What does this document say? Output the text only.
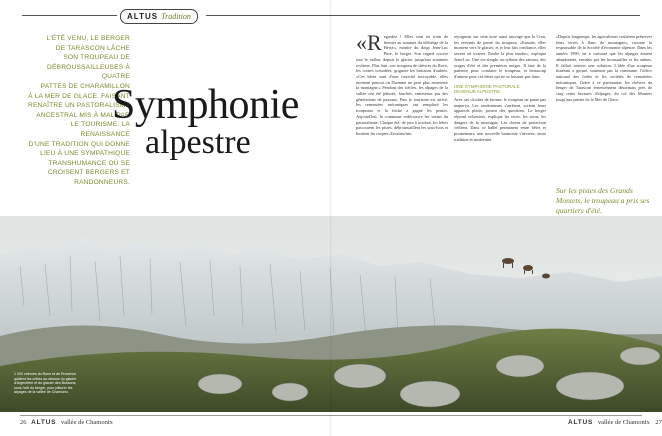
ALTUS Tradition
L'ÉTÉ VENU, LE BERGER
DE TARASCON LÂCHE
SON TROUPEAU DE
DÉBROUSSAILLEUSES À QUATRE
PATTES DE CHARAMILLON
À LA MER DE GLACE. FAISANT
RENAÎTRE UN PASTORALISME
ANCESTRAL MIS À MAL PAR
LE TOURISME. LA RENAISSANCE
D'UNE TRADITION QUI DONNE
LIEU À UNE SYMPATHIQUE
TRANSHUMANCE OÙ SE
CROISENT BERGERS ET
RANDONNEURS.
Symphonie
alpestre
«R egardez ! Elles sont en train de brouter au sommet du télésiège de la Herse», montre du doigt Jean-Luc Pitre, le berger. Son regard couvre tout le vallon, depuis le glacier jusqu'aux sommets rocheux. Plus loin, son troupeau de chèvres du Rove, les cornes torsadées, grignote les buissons d'aulnes. «Ces bêtes sont d'une rusticité incroyable, elles montent partout où l'homme ne peut plus entretenir la montagne.» Pendant des siècles, les alpages de la vallée ont été pâturés, fauchés, entretenus par des générations de paysans. Puis le tourisme est arrivé, les remontées mécaniques ont remplacé les troupeaux et la friche a gagné les pentes. Aujourd'hui, la commune redécouvre les vertus du pastoralisme. Chaque été, de juin à octobre, les bêtes parcourent les pistes, débroussaillent les sous-bois et limitent les risques d'avalanches.
rejoignent sur cette terre aussi sauvage que la Crau, les versants de pierre du troupeau. «Ensuite, elles montent vers le glacier, et je leur fais confiance, elles savent où trouver l'herbe la plus tendre», explique Jean-Luc. Une vie simple, au rythme des saisons, des orages d'été et des premières neiges. Il faut de la patience pour conduire le troupeau, et beaucoup d'amour pour ces bêtes qui ne se laissent pas faire.
UNE SYMPHONIE PASTORALE
DEVENUE ALPESTRE
Avec ses cloches de bronze, le troupeau ne passe pas inaperçu. Les randonneurs s'arrêtent, sortent leurs appareils photo, posent des questions. Le berger répond volontiers, explique les races, les soins, les dangers de la montagne. Les chiens de protection veillent. Dans ce ballet permanent entre bêtes et promeneurs, une nouvelle harmonie s'invente, entre tradition et modernité.
«Depuis longtemps, les agriculteurs voulaient préserver leurs terres à flanc de montagne», raconte la responsable de la Société d'économie alpestre. Dans les années 1990, on a constaté que les alpages étaient abandonnés, envahis par les broussailles et les aulnes. Il fallait trouver une solution. L'idée d'un troupeau itinérant a germé, soutenue par la commune, l'office national des forêts et les sociétés de remontées mécaniques. Grâce à ce partenariat, les chèvres du berger de Tarascon entretiennent désormais près de cinq cents hectares d'alpages, du col des Montets jusqu'aux pentes de la Mer de Glace.
Sur les pistes des Grands Montets, le troupeau a pris ses quartiers d'été.
1 000 chèvres du Rove et de Provence quittent les crêtes au-dessus du glacier d'Argentière et du glacier des Bossons, sous l'œil du berger, pour pâturer les alpages de la vallée de Chamonix.
26 ALTUS vallée de Chamonix	ALTUS vallée de Chamonix 27
